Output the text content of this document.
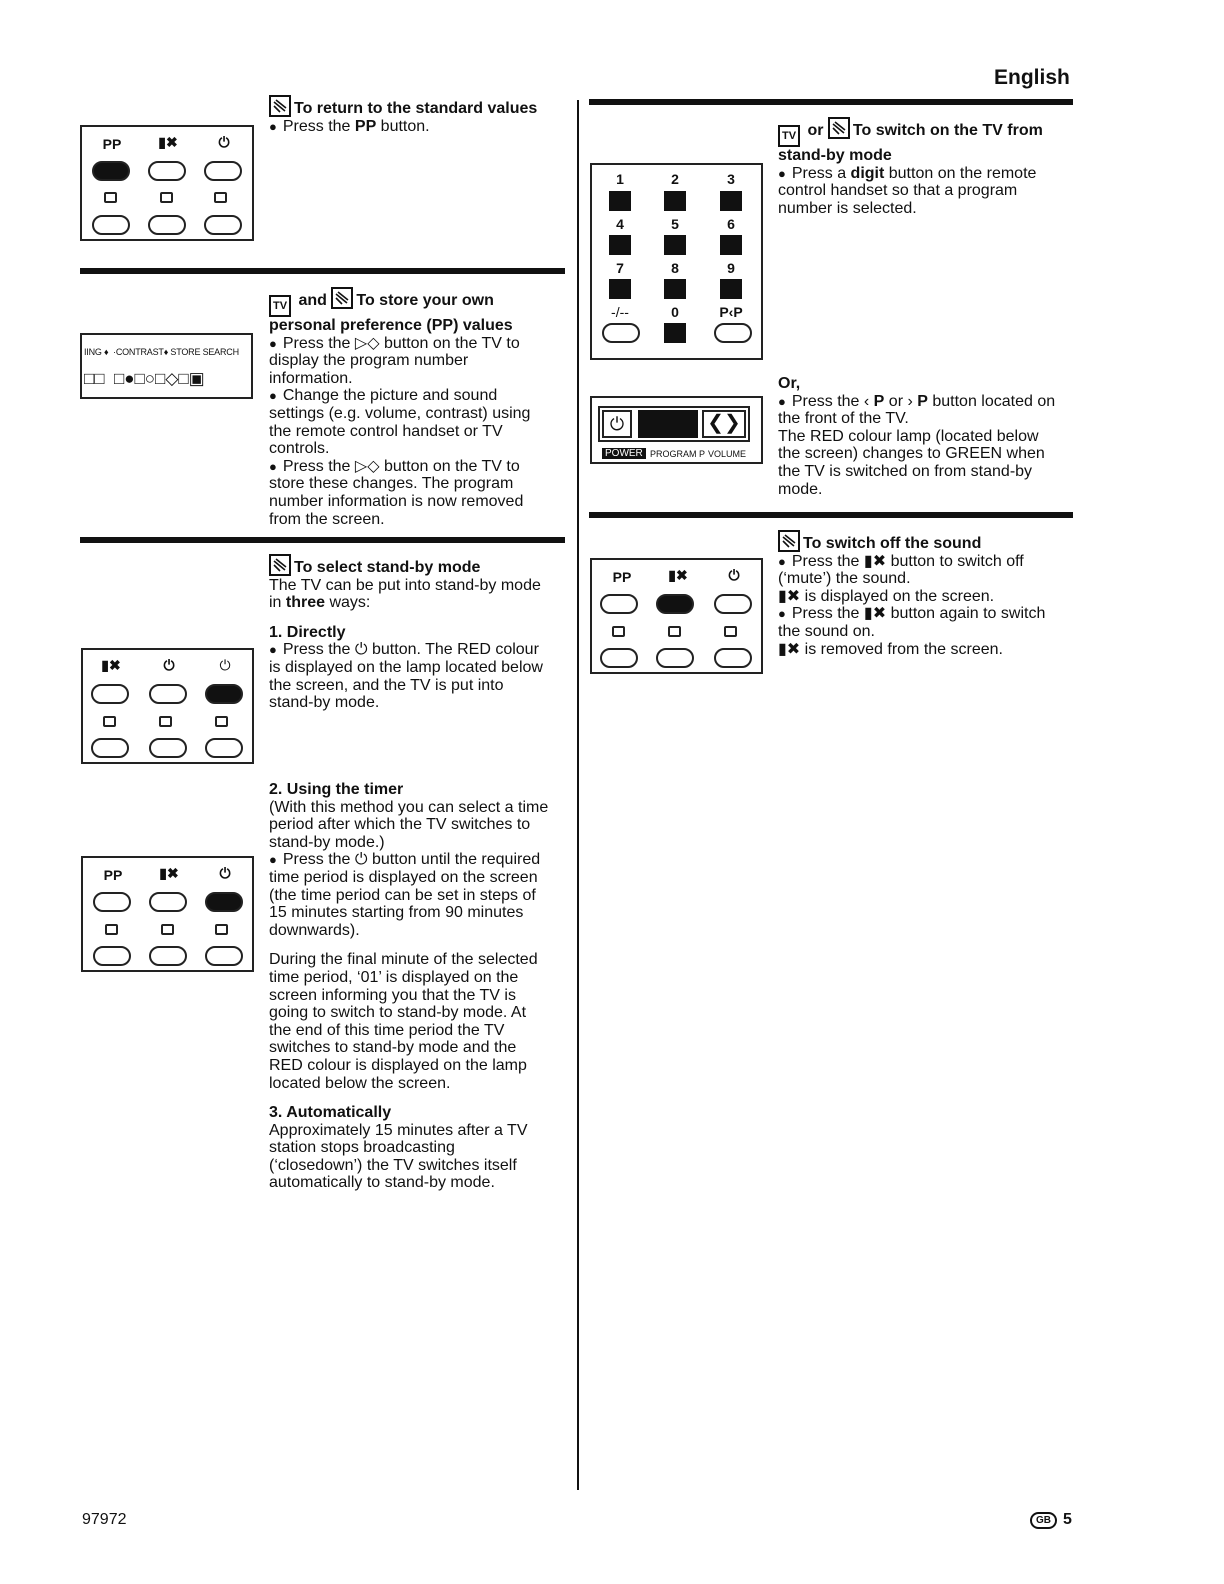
English
PP	▮✖	⏻

To return to the standard values

● Press the PP button.

IING ♦ ·CONTRAST♦ STORE SEARCH
□□  □●□○□◇□▣

TV and To store your own

personal preference (PP) values

● Press the ▷◇ button on the TV to

display the program number

information.

● Change the picture and sound

settings (e.g. volume, contrast) using

the remote control handset or TV

controls.

● Press the ▷◇ button on the TV to

store these changes. The program

number information is now removed

from the screen.

▮✖	⏻	⏻
PP	▮✖	⏻

To select stand-by mode

The TV can be put into stand-by mode

in three ways:

1. Directly

● Press the ⏻ button. The RED colour

is displayed on the lamp located below

the screen, and the TV is put into

stand-by mode.

2. Using the timer

(With this method you can select a time

period after which the TV switches to

stand-by mode.)

● Press the ⏻ button until the required

time period is displayed on the screen

(the time period can be set in steps of

15 minutes starting from 90 minutes

downwards).

During the final minute of the selected

time period, ‘01’ is displayed on the

screen informing you that the TV is

going to switch to stand-by mode. At

the end of this time period the TV

switches to stand-by mode and the

RED colour is displayed on the lamp

located below the screen.

3. Automatically

Approximately 15 minutes after a TV

station stops broadcasting

(‘closedown’) the TV switches itself

automatically to stand-by mode.

1	2	3
4	5	6
7	8	9
-/--	0	P‹P
⏻	❮❯
POWER PROGRAM P VOLUME

TV or To switch on the TV from

stand-by mode

● Press a digit button on the remote

control handset so that a program

number is selected.

Or,

● Press the ‹ P or › P button located on

the front of the TV.

The RED colour lamp (located below

the screen) changes to GREEN when

the TV is switched on from stand-by

mode.

PP	▮✖	⏻

To switch off the sound

● Press the ▮✖ button to switch off

(‘mute’) the sound.

▮✖ is displayed on the screen.

● Press the ▮✖ button again to switch

the sound on.

▮✖ is removed from the screen.

97972	GB 5
